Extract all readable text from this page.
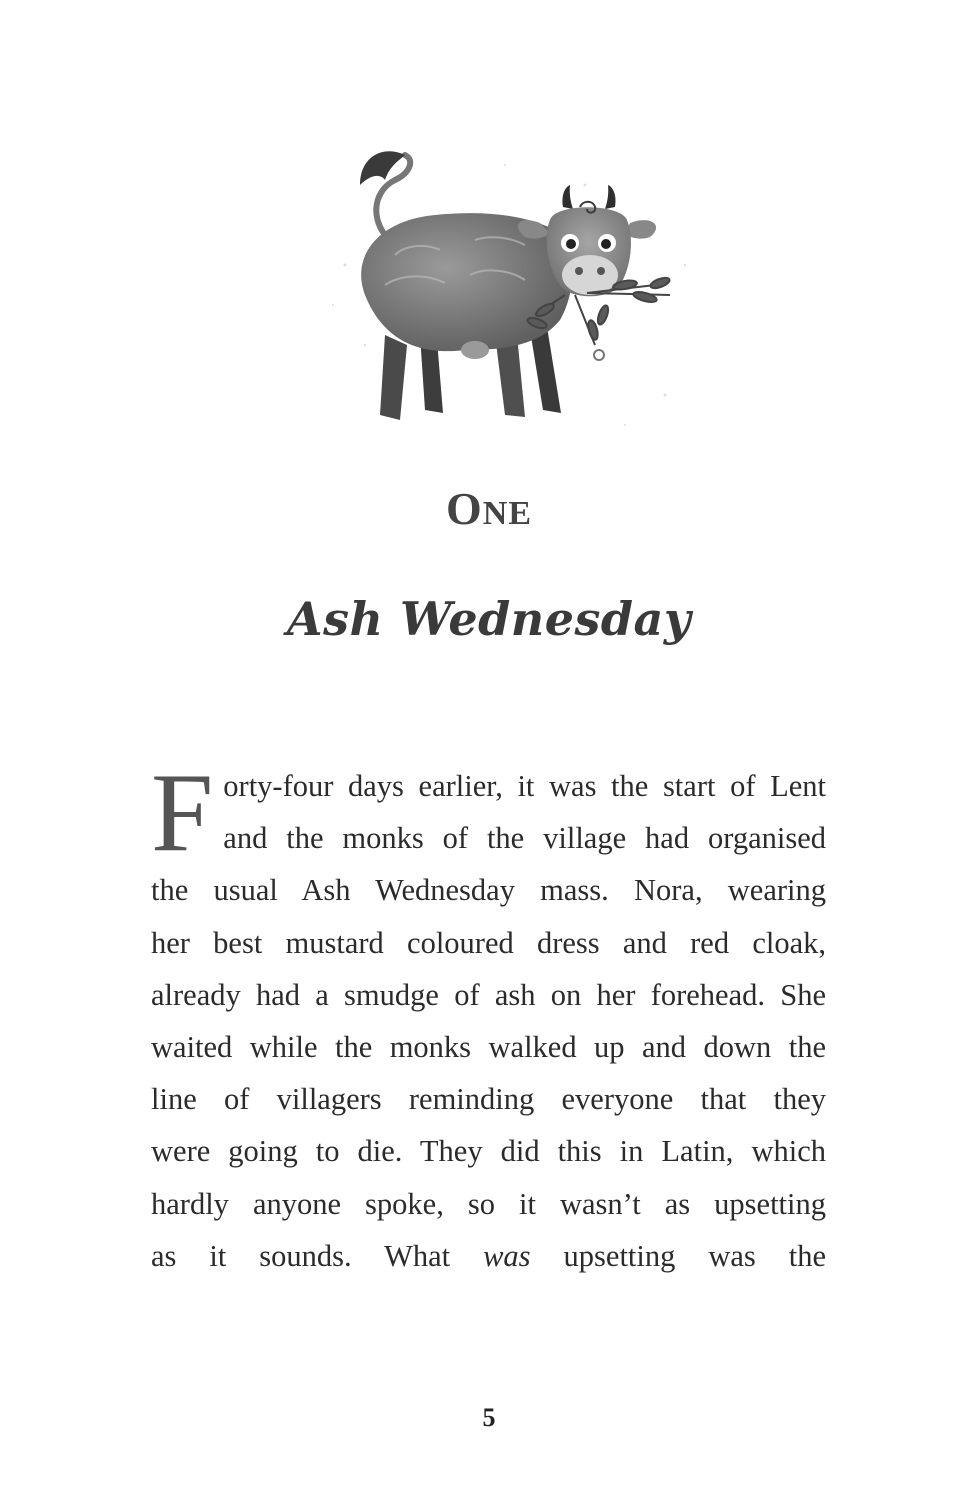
ONE
Ash Wednesday
F orty-four days earlier, it was the start of Lent
and the monks of the village had organised
the usual Ash Wednesday mass. Nora, wearing
her best mustard coloured dress and red cloak,
already had a smudge of ash on her forehead. She
waited while the monks walked up and down the
line of villagers reminding everyone that they
were going to die. They did this in Latin, which
hardly anyone spoke, so it wasn’t as upsetting
as it sounds. What was upsetting was the
5
